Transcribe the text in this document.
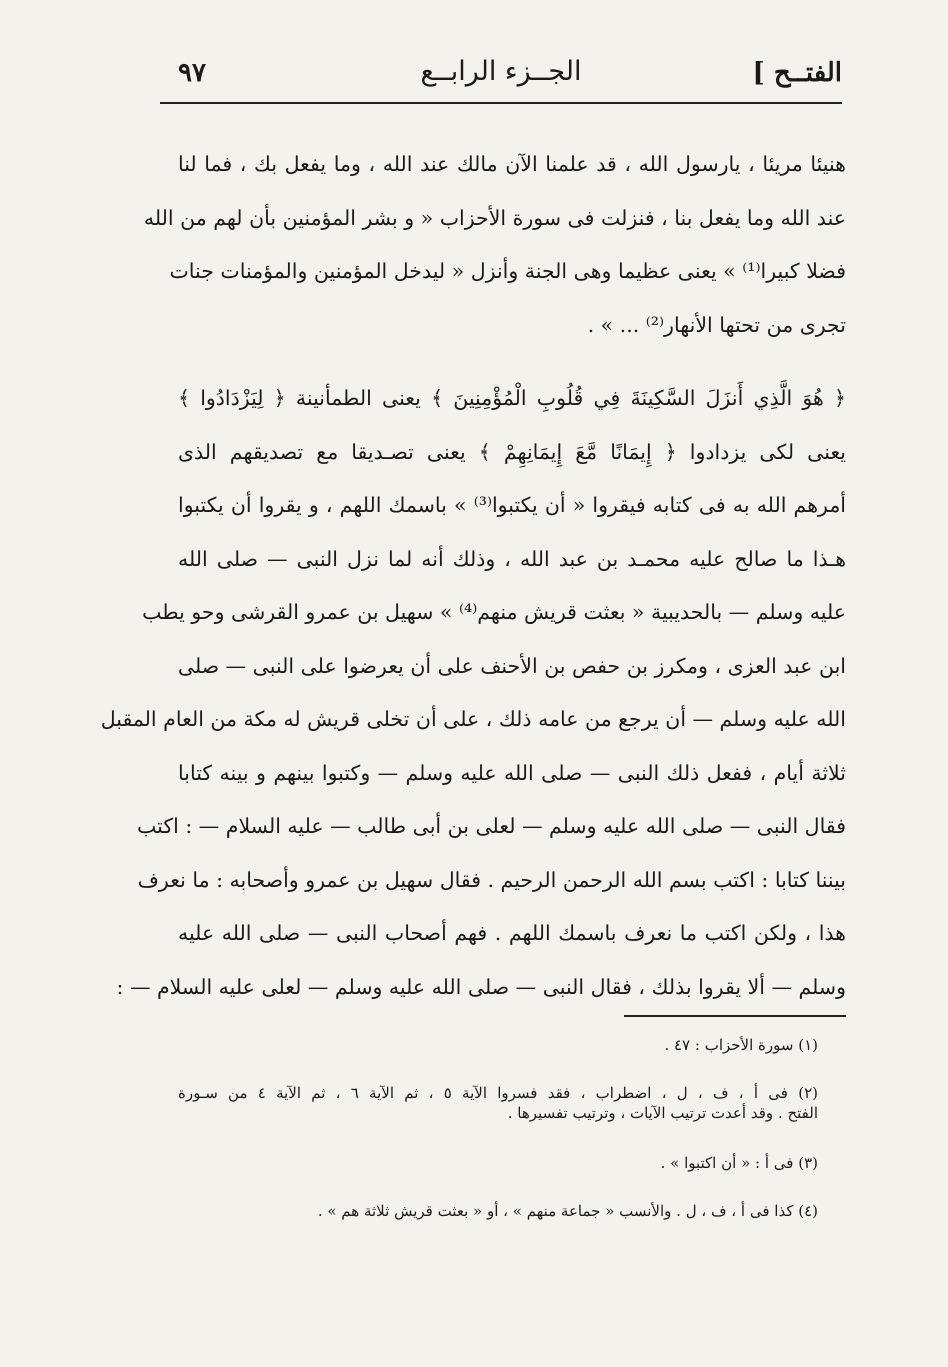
الفتــح ]
الجــزء الرابــع
٩٧
هنيئا مريئا ، يارسول الله ، قد علمنا الآن مالك عند الله ، وما يفعل بك ، فما لنا
عند الله وما يفعل بنا ، فنزلت فى سورة الأحزاب « و بشر المؤمنين بأن لهم من الله
فضلا كبيرا⁽¹⁾ » يعنى عظيما وهى الجنة وأنزل « ليدخل المؤمنين والمؤمنات جنات
تجرى من تحتها الأنهار⁽²⁾ ... » .
﴿ هُوَ الَّذِي أَنزَلَ السَّكِينَةَ فِي قُلُوبِ الْمُؤْمِنِينَ ﴾ يعنى الطمأنينة ﴿ لِيَزْدَادُوا ﴾
يعنى لكى يزدادوا ﴿ إِيمَانًا مَّعَ إِيمَانِهِمْ ﴾ يعنى تصـديقا مع تصديقهم الذى
أمرهم الله به فى كتابه فيقروا « أن يكتبوا⁽³⁾ » باسمك اللهم ، و يقروا أن يكتبوا
هـذا ما صالح عليه محمـد بن عبد الله ، وذلك أنه لما نزل النبى — صلى الله
عليه وسلم — بالحديبية « بعثت قريش منهم⁽⁴⁾ » سهيل بن عمرو القرشى وحو يطب
ابن عبد العزى ، ومكرز بن حفص بن الأحنف على أن يعرضوا على النبى — صلى
الله عليه وسلم — أن يرجع من عامه ذلك ، على أن تخلى قريش له مكة من العام المقبل
ثلاثة أيام ، ففعل ذلك النبى — صلى الله عليه وسلم — وكتبوا بينهم و بينه كتابا
فقال النبى — صلى الله عليه وسلم — لعلى بن أبى طالب — عليه السلام — : اكتب
بيننا كتابا : اكتب بسم الله الرحمن الرحيم . فقال سهيل بن عمرو وأصحابه : ما نعرف
هذا ، ولكن اكتب ما نعرف باسمك اللهم . فهم أصحاب النبى — صلى الله عليه
وسلم — ألا يقروا بذلك ، فقال النبى — صلى الله عليه وسلم — لعلى عليه السلام — :
(١) سورة الأحزاب : ٤٧ .
(٢) فى أ ، ف ، ل ، اضطراب ، فقد فسروا الآية ٥ ، ثم الآية ٦ ، ثم الآية ٤ من سـورة
الفتح . وقد أعدت ترتيب الآيات ، وترتيب تفسيرها .
(٣) فى أ : « أن اكتبوا » .
(٤) كذا فى أ ، ف ، ل . والأنسب « جماعة منهم » ، أو « بعثت قريش ثلاثة هم » .
